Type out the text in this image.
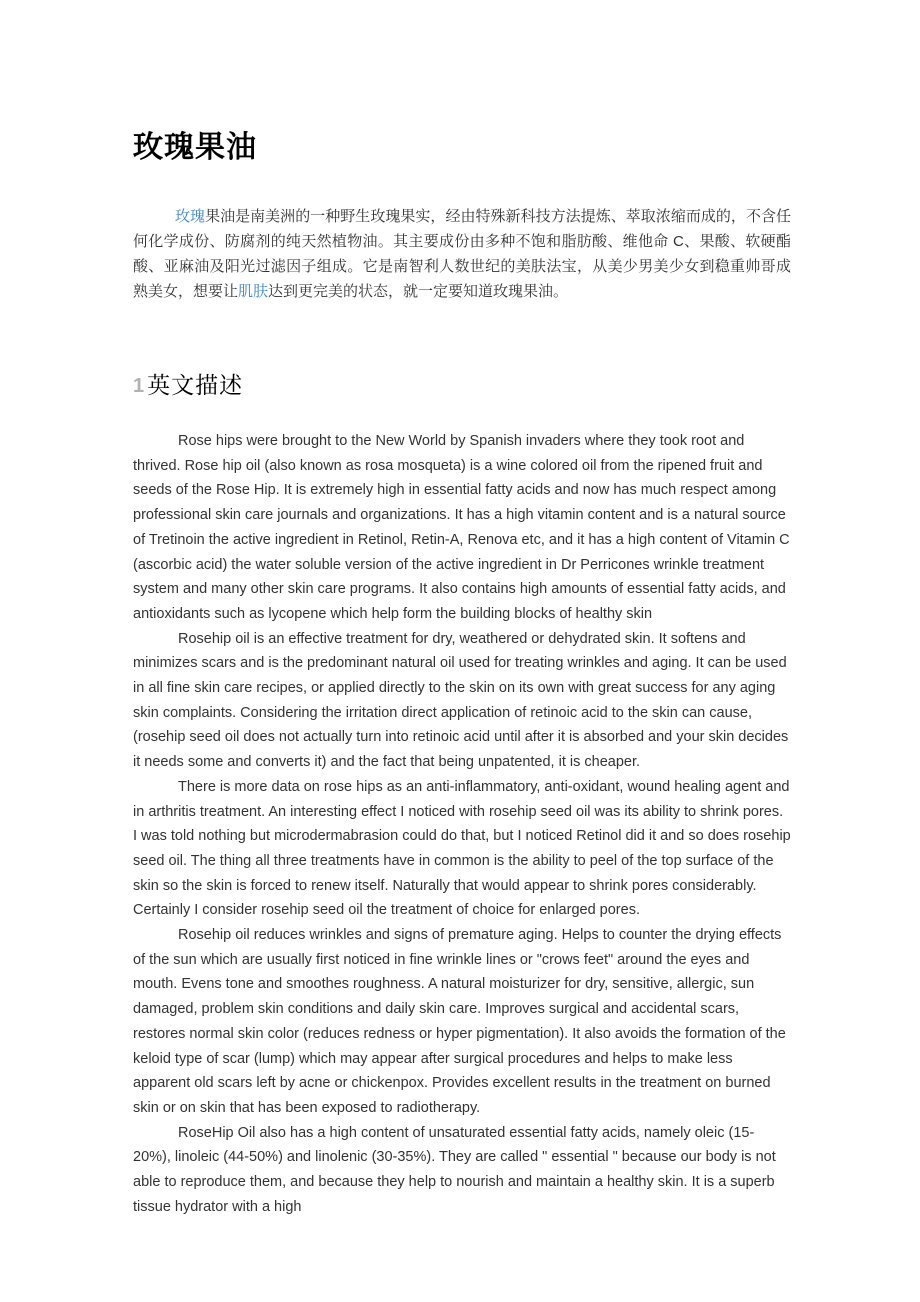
玫瑰果油

玫瑰果油是南美洲的一种野生玫瑰果实，经由特殊新科技方法提炼、萃取浓缩而成的，不含任何化学成份、防腐剂的纯天然植物油。其主要成份由多种不饱和脂肪酸、维他命 C、果酸、软硬酯酸、亚麻油及阳光过滤因子组成。它是南智利人数世纪的美肤法宝，从美少男美少女到稳重帅哥成熟美女，想要让肌肤达到更完美的状态，就一定要知道玫瑰果油。

1 英文描述

Rose hips were brought to the New World by Spanish invaders where they took root and thrived. Rose hip oil (also known as rosa mosqueta) is a wine colored oil from the ripened fruit and seeds of the Rose Hip. It is extremely high in essential fatty acids and now has much respect among professional skin care journals and organizations. It has a high vitamin content and is a natural source of Tretinoin the active ingredient in Retinol, Retin-A, Renova etc, and it has a high content of Vitamin C (ascorbic acid) the water soluble version of the active ingredient in Dr Perricones wrinkle treatment system and many other skin care programs. It also contains high amounts of essential fatty acids, and antioxidants such as lycopene which help form the building blocks of healthy skin

Rosehip oil is an effective treatment for dry, weathered or dehydrated skin. It softens and minimizes scars and is the predominant natural oil used for treating wrinkles and aging. It can be used in all fine skin care recipes, or applied directly to the skin on its own with great success for any aging skin complaints. Considering the irritation direct application of retinoic acid to the skin can cause, (rosehip seed oil does not actually turn into retinoic acid until after it is absorbed and your skin decides it needs some and converts it) and the fact that being unpatented, it is cheaper.

There is more data on rose hips as an anti-inflammatory, anti-oxidant, wound healing agent and in arthritis treatment. An interesting effect I noticed with rosehip seed oil was its ability to shrink pores. I was told nothing but microdermabrasion could do that, but I noticed Retinol did it and so does rosehip seed oil. The thing all three treatments have in common is the ability to peel of the top surface of the skin so the skin is forced to renew itself. Naturally that would appear to shrink pores considerably. Certainly I consider rosehip seed oil the treatment of choice for enlarged pores.

Rosehip oil reduces wrinkles and signs of premature aging. Helps to counter the drying effects of the sun which are usually first noticed in fine wrinkle lines or "crows feet" around the eyes and mouth. Evens tone and smoothes roughness. A natural moisturizer for dry, sensitive, allergic, sun damaged, problem skin conditions and daily skin care. Improves surgical and accidental scars, restores normal skin color (reduces redness or hyper pigmentation). It also avoids the formation of the keloid type of scar (lump) which may appear after surgical procedures and helps to make less apparent old scars left by acne or chickenpox. Provides excellent results in the treatment on burned skin or on skin that has been exposed to radiotherapy.

RoseHip Oil also has a high content of unsaturated essential fatty acids, namely oleic (15-20%), linoleic (44-50%) and linolenic (30-35%). They are called " essential " because our body is not able to reproduce them, and because they help to nourish and maintain a healthy skin. It is a superb tissue hydrator with a high
